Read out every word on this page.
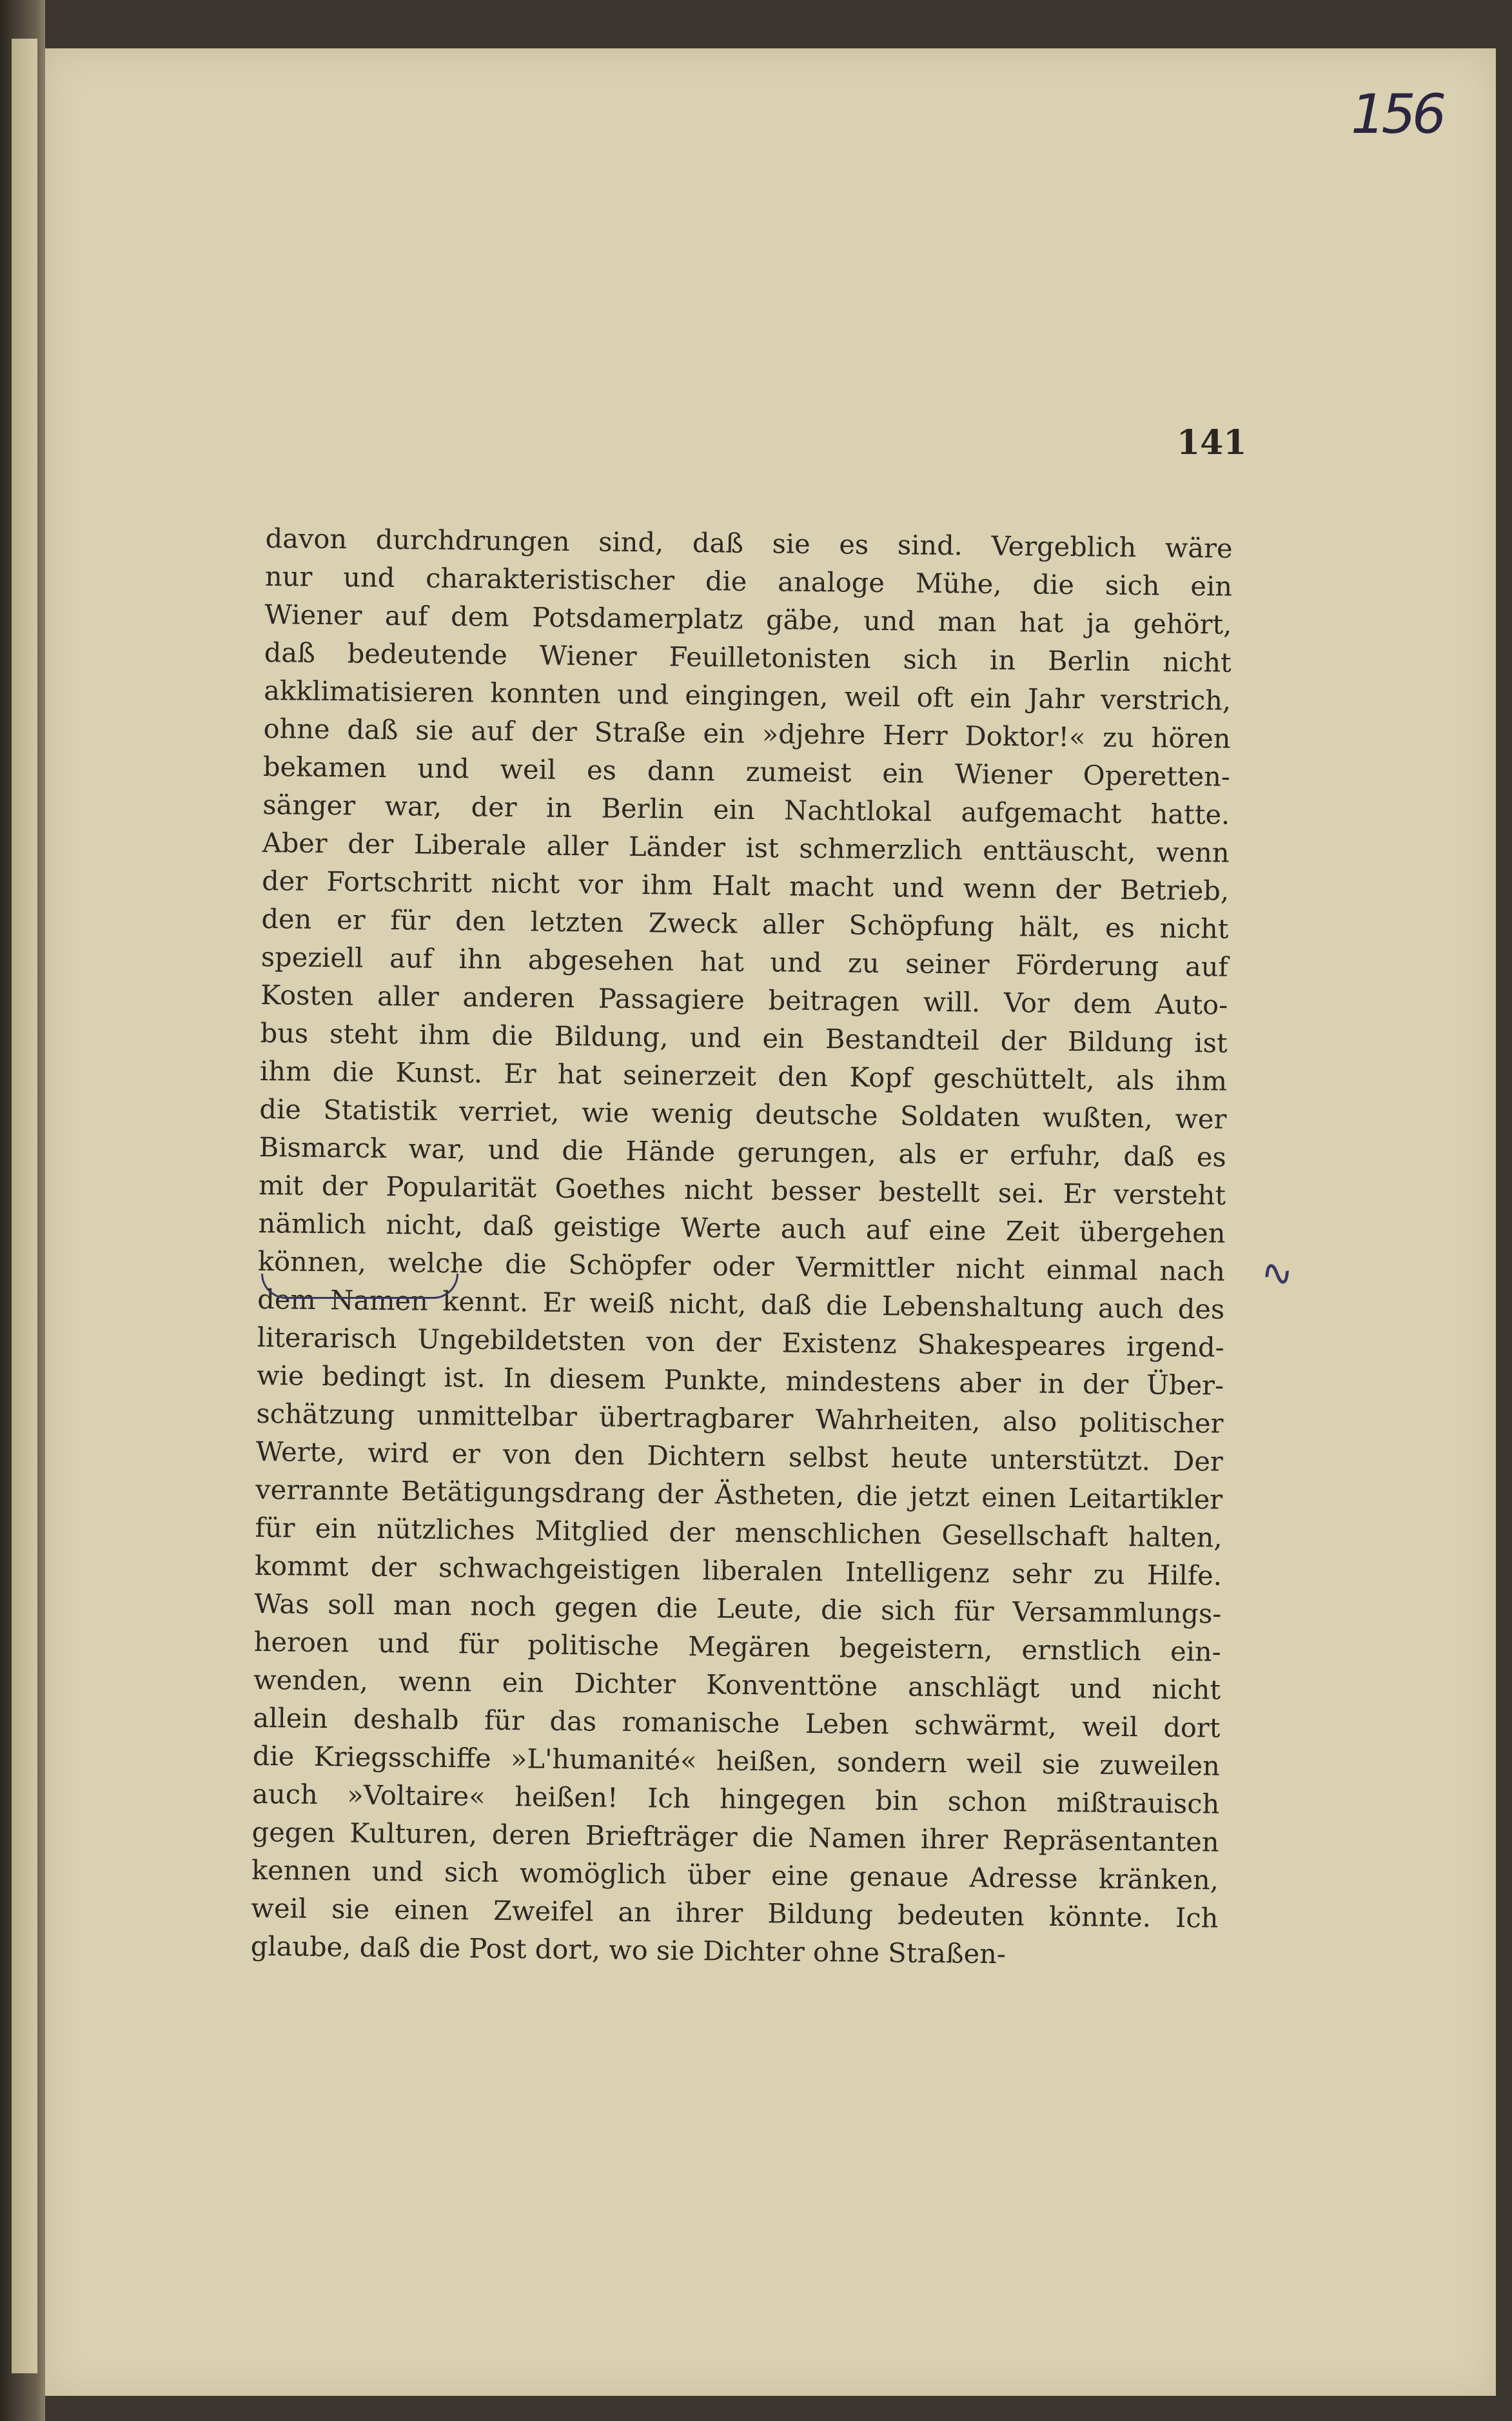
156
141
davon durchdrungen sind, daß sie es sind. Vergeblich wäre
nur und charakteristischer die analoge Mühe, die sich ein
Wiener auf dem Potsdamerplatz gäbe, und man hat ja gehört,
daß bedeutende Wiener Feuilletonisten sich in Berlin nicht
akklimatisieren konnten und eingingen, weil oft ein Jahr verstrich,
ohne daß sie auf der Straße ein »djehre Herr Doktor!« zu hören
bekamen und weil es dann zumeist ein Wiener Operetten-
sänger war, der in Berlin ein Nachtlokal aufgemacht hatte.
Aber der Liberale aller Länder ist schmerzlich enttäuscht, wenn
der Fortschritt nicht vor ihm Halt macht und wenn der Betrieb,
den er für den letzten Zweck aller Schöpfung hält, es nicht
speziell auf ihn abgesehen hat und zu seiner Förderung auf
Kosten aller anderen Passagiere beitragen will. Vor dem Auto-
bus steht ihm die Bildung, und ein Bestandteil der Bildung ist
ihm die Kunst. Er hat seinerzeit den Kopf geschüttelt, als ihm
die Statistik verriet, wie wenig deutsche Soldaten wußten, wer
Bismarck war, und die Hände gerungen, als er erfuhr, daß es
mit der Popularität Goethes nicht besser bestellt sei. Er versteht
nämlich nicht, daß geistige Werte auch auf eine Zeit übergehen
können, welche die Schöpfer oder Vermittler nicht einmal nach
dem Namen kennt. Er weiß nicht, daß die Lebenshaltung auch des
literarisch Ungebildetsten von der Existenz Shakespeares irgend-
wie bedingt ist. In diesem Punkte, mindestens aber in der Über-
schätzung unmittelbar übertragbarer Wahrheiten, also politischer
Werte, wird er von den Dichtern selbst heute unterstützt. Der
verrannte Betätigungsdrang der Ästheten, die jetzt einen Leitartikler
für ein nützliches Mitglied der menschlichen Gesellschaft halten,
kommt der schwachgeistigen liberalen Intelligenz sehr zu Hilfe.
Was soll man noch gegen die Leute, die sich für Versammlungs-
heroen und für politische Megären begeistern, ernstlich ein-
wenden, wenn ein Dichter Konventtöne anschlägt und nicht
allein deshalb für das romanische Leben schwärmt, weil dort
die Kriegsschiffe »L'humanité« heißen, sondern weil sie zuweilen
auch »Voltaire« heißen! Ich hingegen bin schon mißtrauisch
gegen Kulturen, deren Briefträger die Namen ihrer Repräsentanten
kennen und sich womöglich über eine genaue Adresse kränken,
weil sie einen Zweifel an ihrer Bildung bedeuten könnte. Ich
glaube, daß die Post dort, wo sie Dichter ohne Straßen-
∿
